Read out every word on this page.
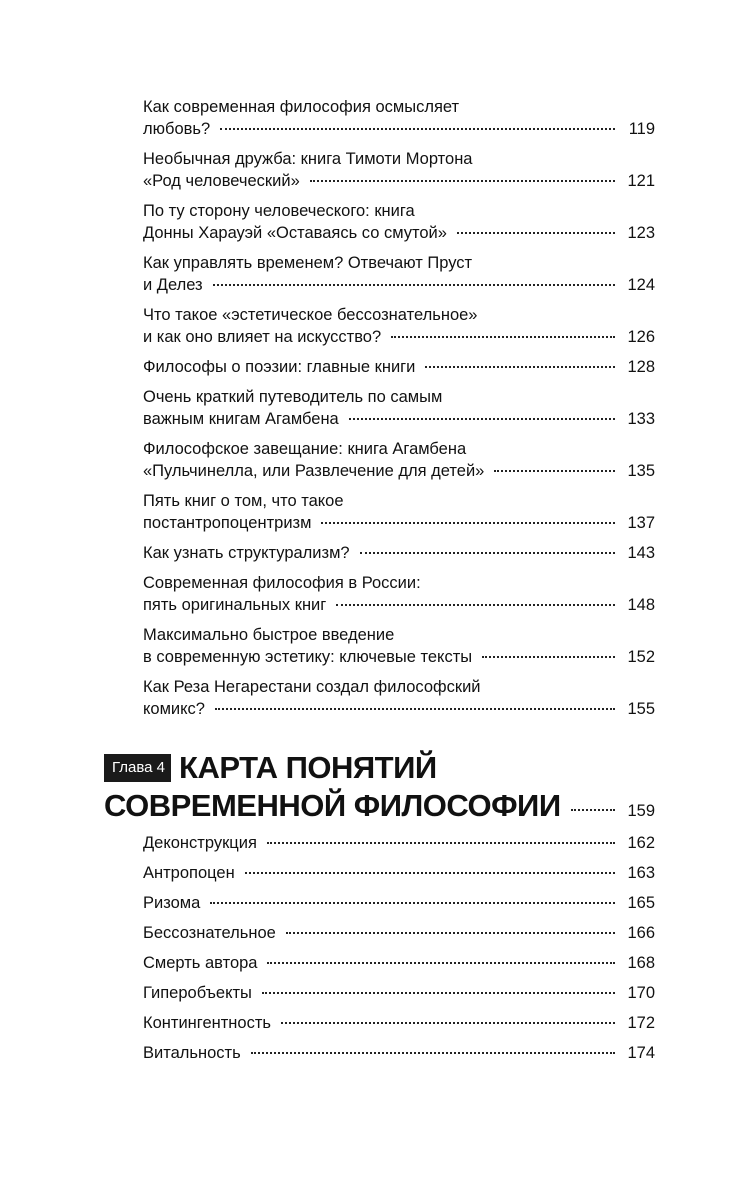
Как современная философия осмысляет
любовь?	119
Необычная дружба: книга Тимоти Мортона
«Род человеческий»	121
По ту сторону человеческого: книга
Донны Харауэй «Оставаясь со смутой»	123
Как управлять временем? Отвечают Пруст
и Делез	124
Что такое «эстетическое бессознательное»
и как оно влияет на искусство?	126
Философы о поэзии: главные книги	128
Очень краткий путеводитель по самым
важным книгам Агамбена	133
Философское завещание: книга Агамбена
«Пульчинелла, или Развлечение для детей»	135
Пять книг о том, что такое
постантропоцентризм	137
Как узнать структурализм?	143
Современная философия в России:
пять оригинальных книг	148
Максимально быстрое введение
в современную эстетику: ключевые тексты	152
Как Реза Негарестани создал философский
комикс?	155
Глава 4 КАРТА ПОНЯТИЙ
СОВРЕМЕННОЙ ФИЛОСОФИИ	159
Деконструкция	162
Антропоцен	163
Ризома	165
Бессознательное	166
Смерть автора	168
Гиперобъекты	170
Контингентность	172
Витальность	174
